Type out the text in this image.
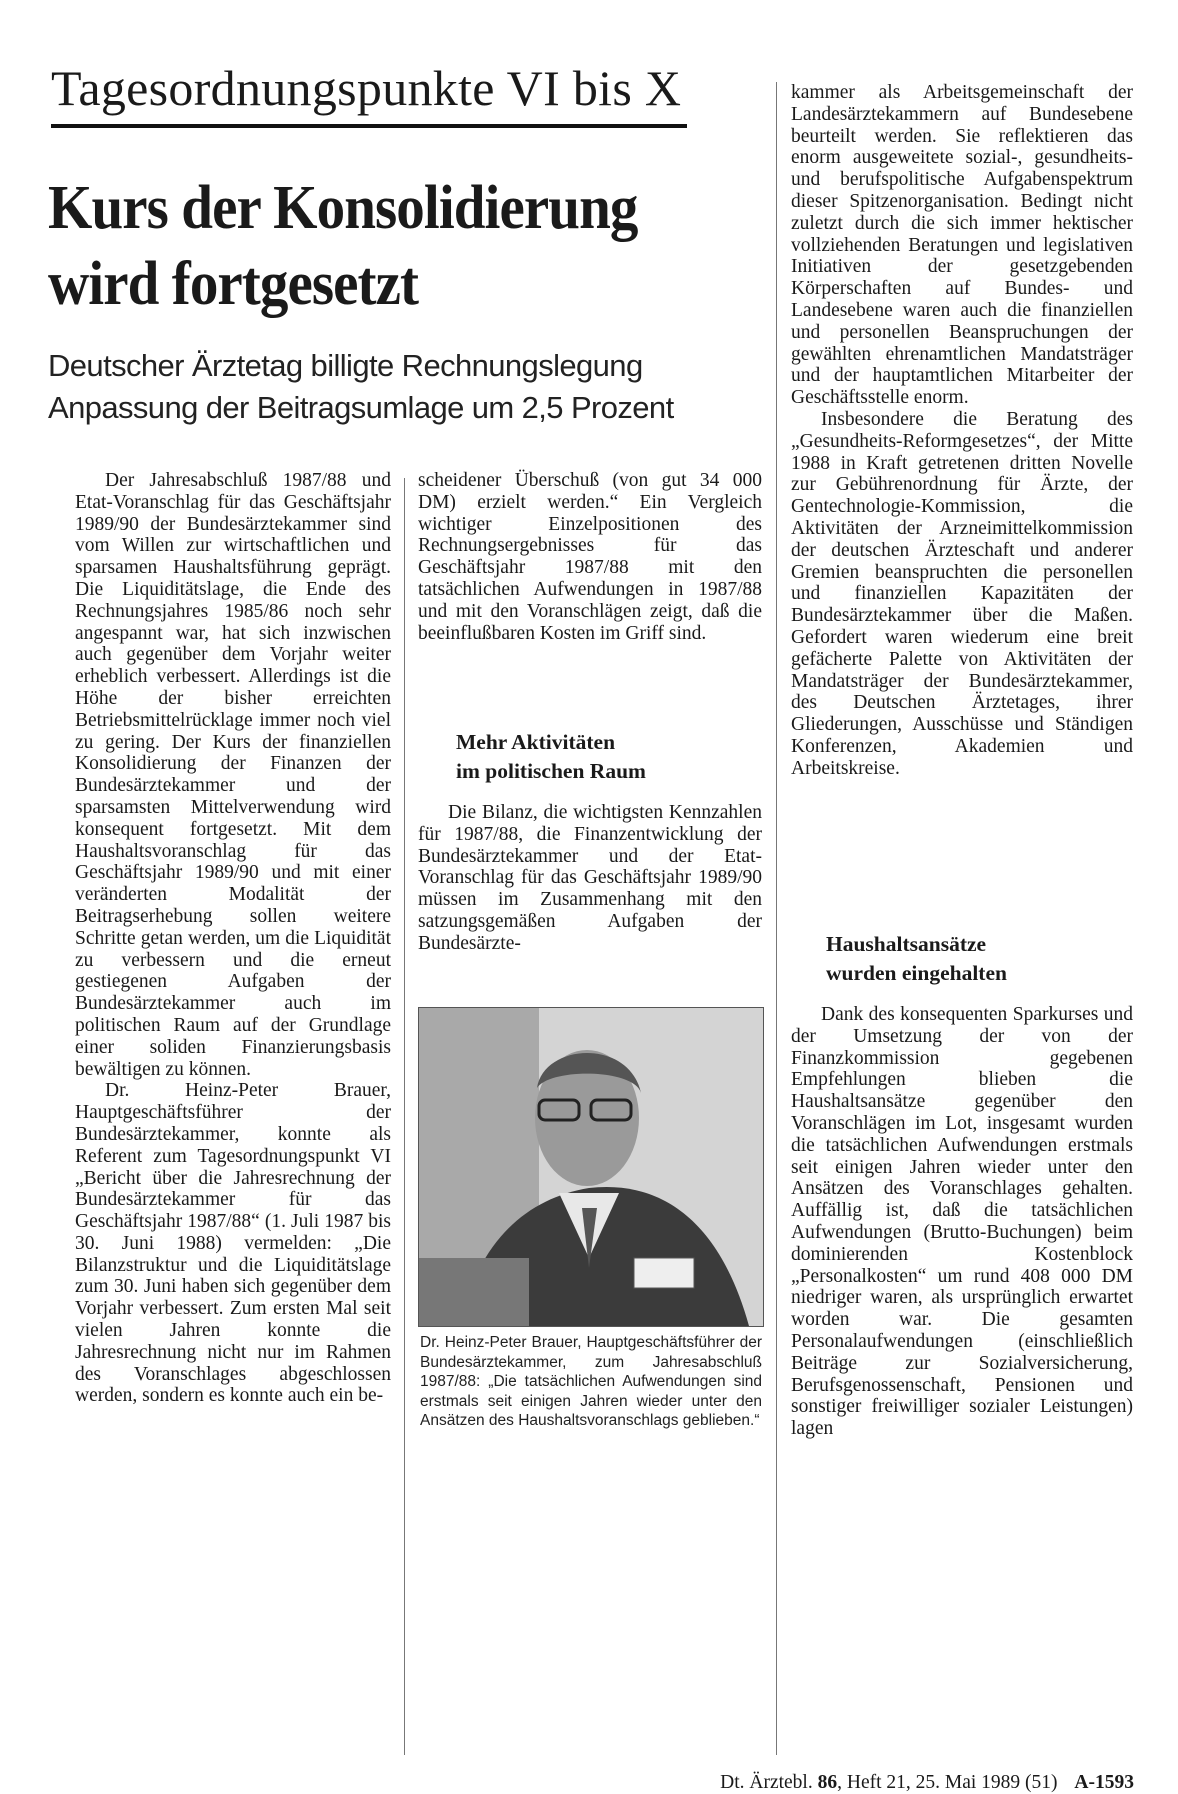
Tagesordnungspunkte VI bis X
Kurs der Konsolidierung
wird fortgesetzt
Deutscher Ärztetag billigte Rechnungslegung
Anpassung der Beitragsumlage um 2,5 Prozent

Der Jahresabschluß 1987/88 und Etat-Voranschlag für das Geschäftsjahr 1989/90 der Bundesärztekammer sind vom Willen zur wirtschaftlichen und sparsamen Haushaltsführung geprägt. Die Liquiditätslage, die Ende des Rechnungsjahres 1985/86 noch sehr angespannt war, hat sich inzwischen auch gegenüber dem Vorjahr weiter erheblich verbessert. Allerdings ist die Höhe der bisher erreichten Betriebsmittelrücklage immer noch viel zu gering. Der Kurs der finanziellen Konsolidierung der Finanzen der Bundesärztekammer und der sparsamsten Mittelverwendung wird konsequent fortgesetzt. Mit dem Haushaltsvoranschlag für das Geschäftsjahr 1989/90 und mit einer veränderten Modalität der Beitragserhebung sollen weitere Schritte getan werden, um die Liquidität zu verbessern und die erneut gestiegenen Aufgaben der Bundesärztekammer auch im politischen Raum auf der Grundlage einer soliden Finanzierungsbasis bewältigen zu können.

Dr. Heinz-Peter Brauer, Hauptgeschäftsführer der Bundesärztekammer, konnte als Referent zum Tagesordnungspunkt VI „Bericht über die Jahresrechnung der Bundesärztekammer für das Geschäftsjahr 1987/88“ (1. Juli 1987 bis 30. Juni 1988) vermelden: „Die Bilanzstruktur und die Liquiditätslage zum 30. Juni haben sich gegenüber dem Vorjahr verbessert. Zum ersten Mal seit vielen Jahren konnte die Jahresrechnung nicht nur im Rahmen des Voranschlages abgeschlossen werden, sondern es konnte auch ein be-

scheidener Überschuß (von gut 34 000 DM) erzielt werden.“ Ein Vergleich wichtiger Einzelpositionen des Rechnungsergebnisses für das Geschäftsjahr 1987/88 mit den tatsächlichen Aufwendungen in 1987/88 und mit den Voranschlägen zeigt, daß die beeinflußbaren Kosten im Griff sind.

Mehr Aktivitäten

im politischen Raum

Die Bilanz, die wichtigsten Kennzahlen für 1987/88, die Finanzentwicklung der Bundesärztekammer und der Etat-Voranschlag für das Geschäftsjahr 1989/90 müssen im Zusammenhang mit den satzungsgemäßen Aufgaben der Bundesärzte-

Dr. Heinz-Peter Brauer, Hauptgeschäftsführer der Bundesärztekammer, zum Jahresabschluß 1987/88: „Die tatsächlichen Aufwendungen sind erstmals seit einigen Jahren wieder unter den Ansätzen des Haushaltsvoranschlags geblieben.“

kammer als Arbeitsgemeinschaft der Landesärztekammern auf Bundesebene beurteilt werden. Sie reflektieren das enorm ausgeweitete sozial-, gesundheits- und berufspolitische Aufgabenspektrum dieser Spitzenorganisation. Bedingt nicht zuletzt durch die sich immer hektischer vollziehenden Beratungen und legislativen Initiativen der gesetzgebenden Körperschaften auf Bundes- und Landesebene waren auch die finanziellen und personellen Beanspruchungen der gewählten ehrenamtlichen Mandatsträger und der hauptamtlichen Mitarbeiter der Geschäftsstelle enorm.

Insbesondere die Beratung des „Gesundheits-Reformgesetzes“, der Mitte 1988 in Kraft getretenen dritten Novelle zur Gebührenordnung für Ärzte, der Gentechnologie-Kommission, die Aktivitäten der Arzneimittelkommission der deutschen Ärzteschaft und anderer Gremien beanspruchten die personellen und finanziellen Kapazitäten der Bundesärztekammer über die Maßen. Gefordert waren wiederum eine breit gefächerte Palette von Aktivitäten der Mandatsträger der Bundesärztekammer, des Deutschen Ärztetages, ihrer Gliederungen, Ausschüsse und Ständigen Konferenzen, Akademien und Arbeitskreise.

Haushaltsansätze

wurden eingehalten

Dank des konsequenten Sparkurses und der Umsetzung der von der Finanzkommission gegebenen Empfehlungen blieben die Haushaltsansätze gegenüber den Voranschlägen im Lot, insgesamt wurden die tatsächlichen Aufwendungen erstmals seit einigen Jahren wieder unter den Ansätzen des Voranschlages gehalten. Auffällig ist, daß die tatsächlichen Aufwendungen (Brutto-Buchungen) beim dominierenden Kostenblock „Personalkosten“ um rund 408 000 DM niedriger waren, als ursprünglich erwartet worden war. Die gesamten Personalaufwendungen (einschließlich Beiträge zur Sozialversicherung, Berufsgenossenschaft, Pensionen und sonstiger freiwilliger sozialer Leistungen) lagen

Dt. Ärztebl. 86, Heft 21, 25. Mai 1989 (51) A-1593
